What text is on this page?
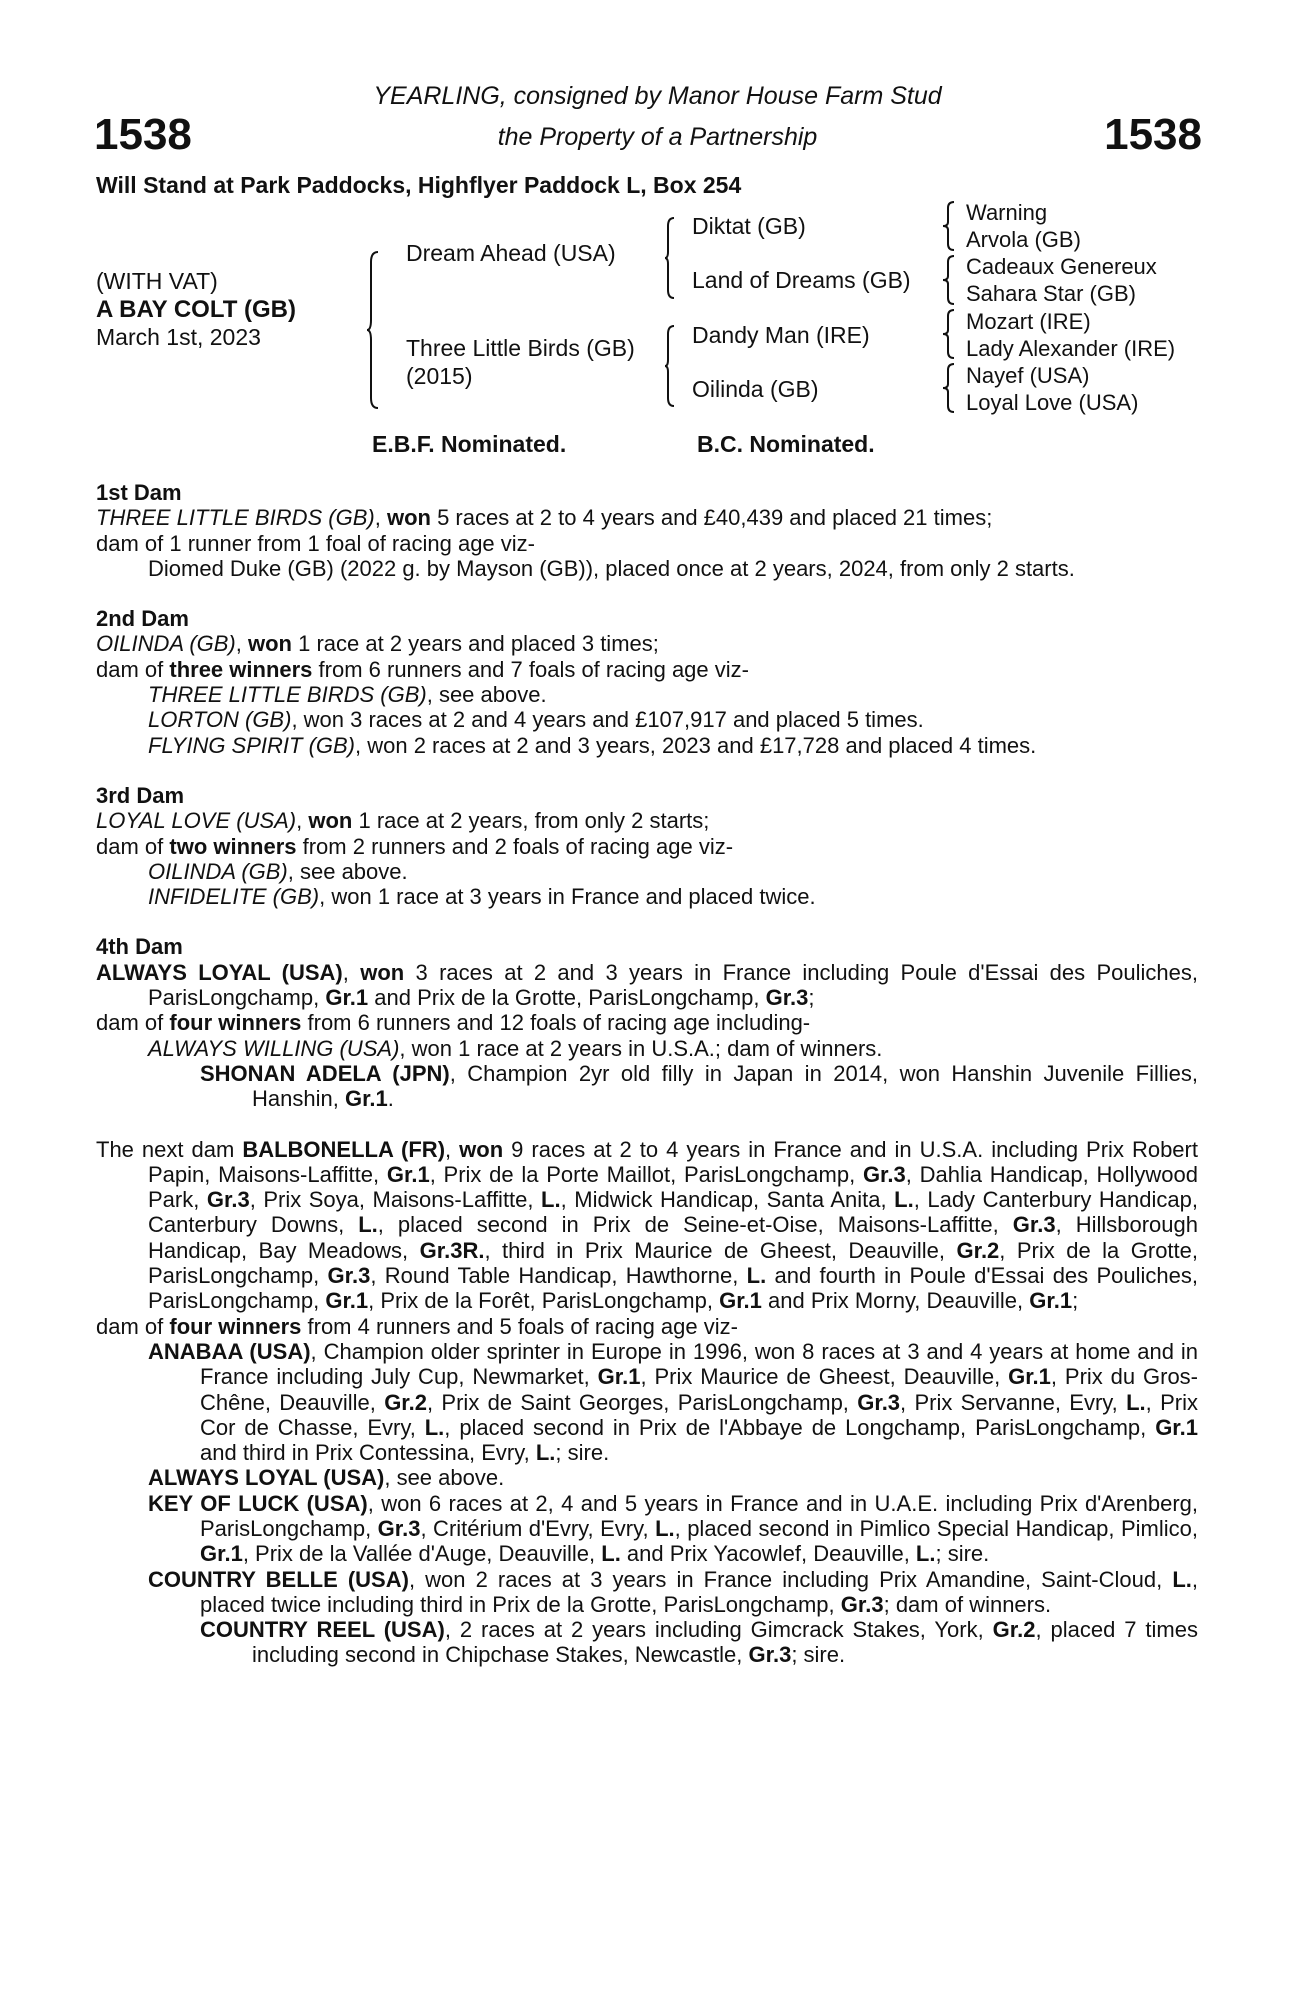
YEARLING, consigned by Manor House Farm Stud
the Property of a Partnership
1538	1538
Will Stand at Park Paddocks, Highflyer Paddock L, Box 254
(WITH VAT)
A BAY COLT (GB)
March 1st, 2023
Dream Ahead (USA)
Three Little Birds (GB)
(2015)
Diktat (GB)
Land of Dreams (GB)
Dandy Man (IRE)
Oilinda (GB)
Warning
Arvola (GB)
Cadeaux Genereux
Sahara Star (GB)
Mozart (IRE)
Lady Alexander (IRE)
Nayef (USA)
Loyal Love (USA)
E.B.F. Nominated.	B.C. Nominated.
1st Dam
THREE LITTLE BIRDS (GB), won 5 races at 2 to 4 years and £40,439 and placed 21 times;
dam of 1 runner from 1 foal of racing age viz-
Diomed Duke (GB) (2022 g. by Mayson (GB)), placed once at 2 years, 2024, from only 2 starts.
2nd Dam
OILINDA (GB), won 1 race at 2 years and placed 3 times;
dam of three winners from 6 runners and 7 foals of racing age viz-
THREE LITTLE BIRDS (GB), see above.
LORTON (GB), won 3 races at 2 and 4 years and £107,917 and placed 5 times.
FLYING SPIRIT (GB), won 2 races at 2 and 3 years, 2023 and £17,728 and placed 4 times.
3rd Dam
LOYAL LOVE (USA), won 1 race at 2 years, from only 2 starts;
dam of two winners from 2 runners and 2 foals of racing age viz-
OILINDA (GB), see above.
INFIDELITE (GB), won 1 race at 3 years in France and placed twice.
4th Dam
ALWAYS LOYAL (USA), won 3 races at 2 and 3 years in France including Poule d'Essai des Pouliches, ParisLongchamp, Gr.1 and Prix de la Grotte, ParisLongchamp, Gr.3;
dam of four winners from 6 runners and 12 foals of racing age including-
ALWAYS WILLING (USA), won 1 race at 2 years in U.S.A.; dam of winners.
SHONAN ADELA (JPN), Champion 2yr old filly in Japan in 2014, won Hanshin Juvenile Fillies, Hanshin, Gr.1.
The next dam BALBONELLA (FR), won 9 races at 2 to 4 years in France and in U.S.A. including Prix Robert Papin, Maisons-Laffitte, Gr.1, Prix de la Porte Maillot, ParisLongchamp, Gr.3, Dahlia Handicap, Hollywood Park, Gr.3, Prix Soya, Maisons-Laffitte, L., Midwick Handicap, Santa Anita, L., Lady Canterbury Handicap, Canterbury Downs, L., placed second in Prix de Seine-et-Oise, Maisons-Laffitte, Gr.3, Hillsborough Handicap, Bay Meadows, Gr.3R., third in Prix Maurice de Gheest, Deauville, Gr.2, Prix de la Grotte, ParisLongchamp, Gr.3, Round Table Handicap, Hawthorne, L. and fourth in Poule d'Essai des Pouliches, ParisLongchamp, Gr.1, Prix de la Forêt, ParisLongchamp, Gr.1 and Prix Morny, Deauville, Gr.1;
dam of four winners from 4 runners and 5 foals of racing age viz-
ANABAA (USA), Champion older sprinter in Europe in 1996, won 8 races at 3 and 4 years at home and in France including July Cup, Newmarket, Gr.1, Prix Maurice de Gheest, Deauville, Gr.1, Prix du Gros-Chêne, Deauville, Gr.2, Prix de Saint Georges, ParisLongchamp, Gr.3, Prix Servanne, Evry, L., Prix Cor de Chasse, Evry, L., placed second in Prix de l'Abbaye de Longchamp, ParisLongchamp, Gr.1 and third in Prix Contessina, Evry, L.; sire.
ALWAYS LOYAL (USA), see above.
KEY OF LUCK (USA), won 6 races at 2, 4 and 5 years in France and in U.A.E. including Prix d'Arenberg, ParisLongchamp, Gr.3, Critérium d'Evry, Evry, L., placed second in Pimlico Special Handicap, Pimlico, Gr.1, Prix de la Vallée d'Auge, Deauville, L. and Prix Yacowlef, Deauville, L.; sire.
COUNTRY BELLE (USA), won 2 races at 3 years in France including Prix Amandine, Saint-Cloud, L., placed twice including third in Prix de la Grotte, ParisLongchamp, Gr.3; dam of winners.
COUNTRY REEL (USA), 2 races at 2 years including Gimcrack Stakes, York, Gr.2, placed 7 times including second in Chipchase Stakes, Newcastle, Gr.3; sire.
